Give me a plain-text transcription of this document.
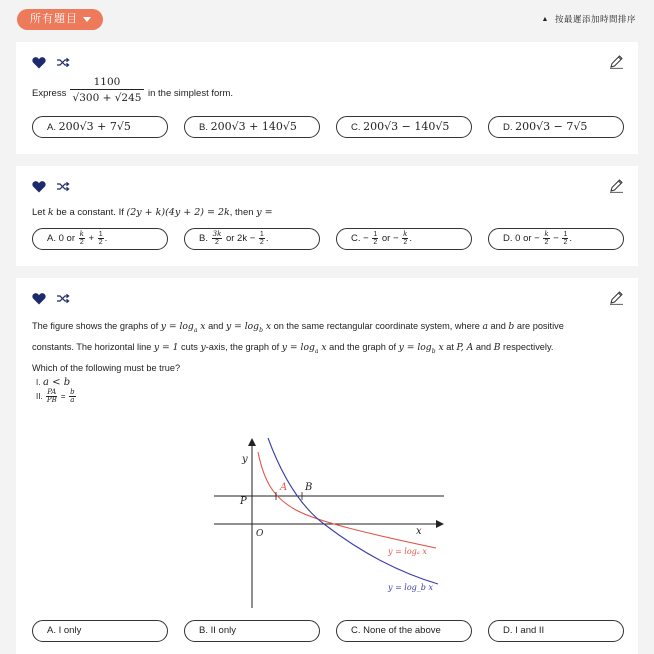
所有題目	▲︎ 按最遲添加時間排序
Express
1100
√300 + √245 in the simplest form.
A. 200√3 + 7√5	B. 200√3 + 140√5	C. 200√3 − 140√5	D. 200√3 − 7√5
Let k be a constant. If (2y + k)(4y + 2) = 2k, then y =
A. 0 or $\frac{k}{2} + \frac{1}{2}$ .	B. $\frac{3k}{2}$ or $2k - \frac{1}{2}$ .	C. − $\frac{1}{2}$ or − $\frac{k}{2}$ .	D. 0 or − $\frac{k}{2} - \frac{1}{2}$ .
The figure shows the graphs of $y = \log_a x$ and $y = \log_b x$ on the same rectangular coordinate system, where a and b are positive
constants. The horizontal line y = 1 cuts y-axis, the graph of $y = \log_a x$ and the graph of $y = \log_b x$ at P, A and B respectively.
Which of the following must be true?
I. a < b
II. $\frac{PA}{PB} = \frac{b}{a}$
y
x
P
O
A B
y = logₐ x
y = log_b x
A. I only	B. II only	C. None of the above	D. I and II
